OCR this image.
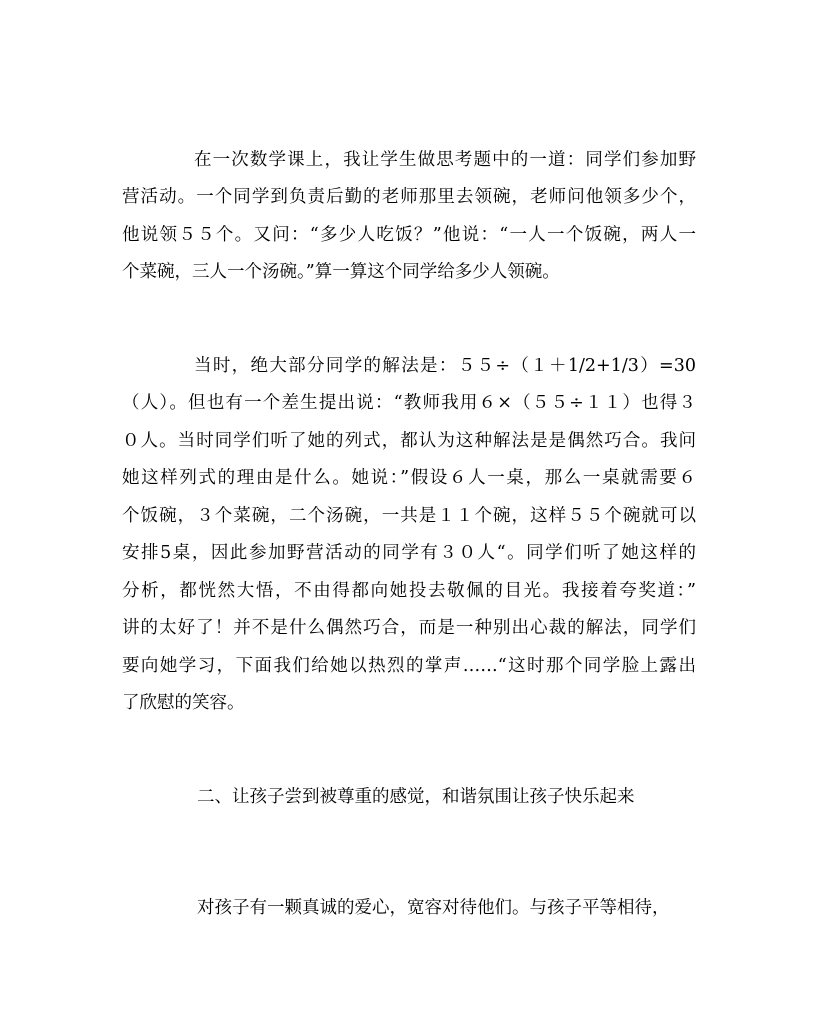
在一次数学课上，我让学生做思考题中的一道：同学们参加野
营活动。一个同学到负责后勤的老师那里去领碗，老师问他领多少个，
他说领５５个。又问：“多少人吃饭？”他说：“一人一个饭碗，两人一
个菜碗，三人一个汤碗。”算一算这个同学给多少人领碗。
当时，绝大部分同学的解法是：５５÷（１＋1/2+1/3）=30
（人）。但也有一个差生提出说：“教师我用６×（５５÷１１）也得３
０人。当时同学们听了她的列式，都认为这种解法是是偶然巧合。我问
她这样列式的理由是什么。她说：”假设６人一桌，那么一桌就需要６
个饭碗，３个菜碗，二个汤碗，一共是１１个碗，这样５５个碗就可以
安排5桌，因此参加野营活动的同学有３０人“。同学们听了她这样的
分析，都恍然大悟，不由得都向她投去敬佩的目光。我接着夸奖道：”
讲的太好了！并不是什么偶然巧合，而是一种别出心裁的解法，同学们
要向她学习，下面我们给她以热烈的掌声……“这时那个同学脸上露出
了欣慰的笑容。
二、让孩子尝到被尊重的感觉，和谐氛围让孩子快乐起来
对孩子有一颗真诚的爱心，宽容对待他们。与孩子平等相待，
